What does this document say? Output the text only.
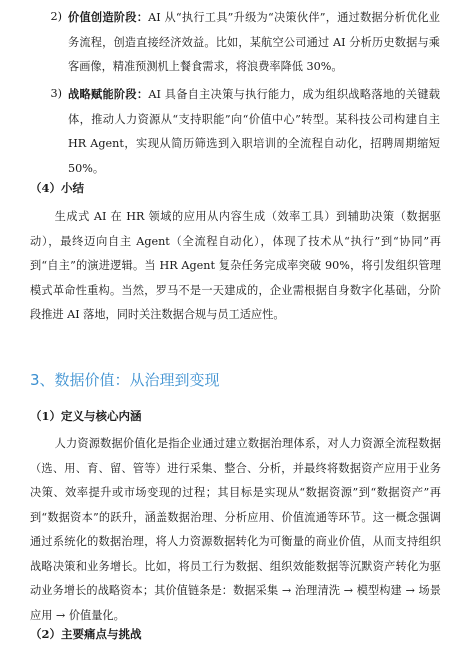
2) 价值创造阶段：AI 从“执行工具”升级为“决策伙伴”，通过数据分析优化业务流程，创造直接经济效益。比如，某航空公司通过 AI 分析历史数据与乘客画像，精准预测机上餐食需求，将浪费率降低 30%。
3) 战略赋能阶段：AI 具备自主决策与执行能力，成为组织战略落地的关键载体，推动人力资源从“支持职能”向“价值中心”转型。某科技公司构建自主 HR Agent，实现从简历筛选到入职培训的全流程自动化，招聘周期缩短 50%。
（4）小结
生成式 AI 在 HR 领域的应用从内容生成（效率工具）到辅助决策（数据驱动），最终迈向自主 Agent（全流程自动化），体现了技术从“执行”到“协同”再到“自主”的演进逻辑。当 HR Agent 复杂任务完成率突破 90%，将引发组织管理模式革命性重构。当然，罗马不是一天建成的，企业需根据自身数字化基础，分阶段推进 AI 落地，同时关注数据合规与员工适应性。
3、数据价值：从治理到变现
（1）定义与核心内涵
人力资源数据价值化是指企业通过建立数据治理体系，对人力资源全流程数据（选、用、育、留、管等）进行采集、整合、分析，并最终将数据资产应用于业务决策、效率提升或市场变现的过程；其目标是实现从“数据资源”到“数据资产”再到“数据资本”的跃升，涵盖数据治理、分析应用、价值流通等环节。这一概念强调通过系统化的数据治理，将人力资源数据转化为可衡量的商业价值，从而支持组织战略决策和业务增长。比如，将员工行为数据、组织效能数据等沉默资产转化为驱动业务增长的战略资本；其价值链条是：数据采集 → 治理清洗 → 模型构建 → 场景应用 → 价值量化。
（2）主要痛点与挑战
